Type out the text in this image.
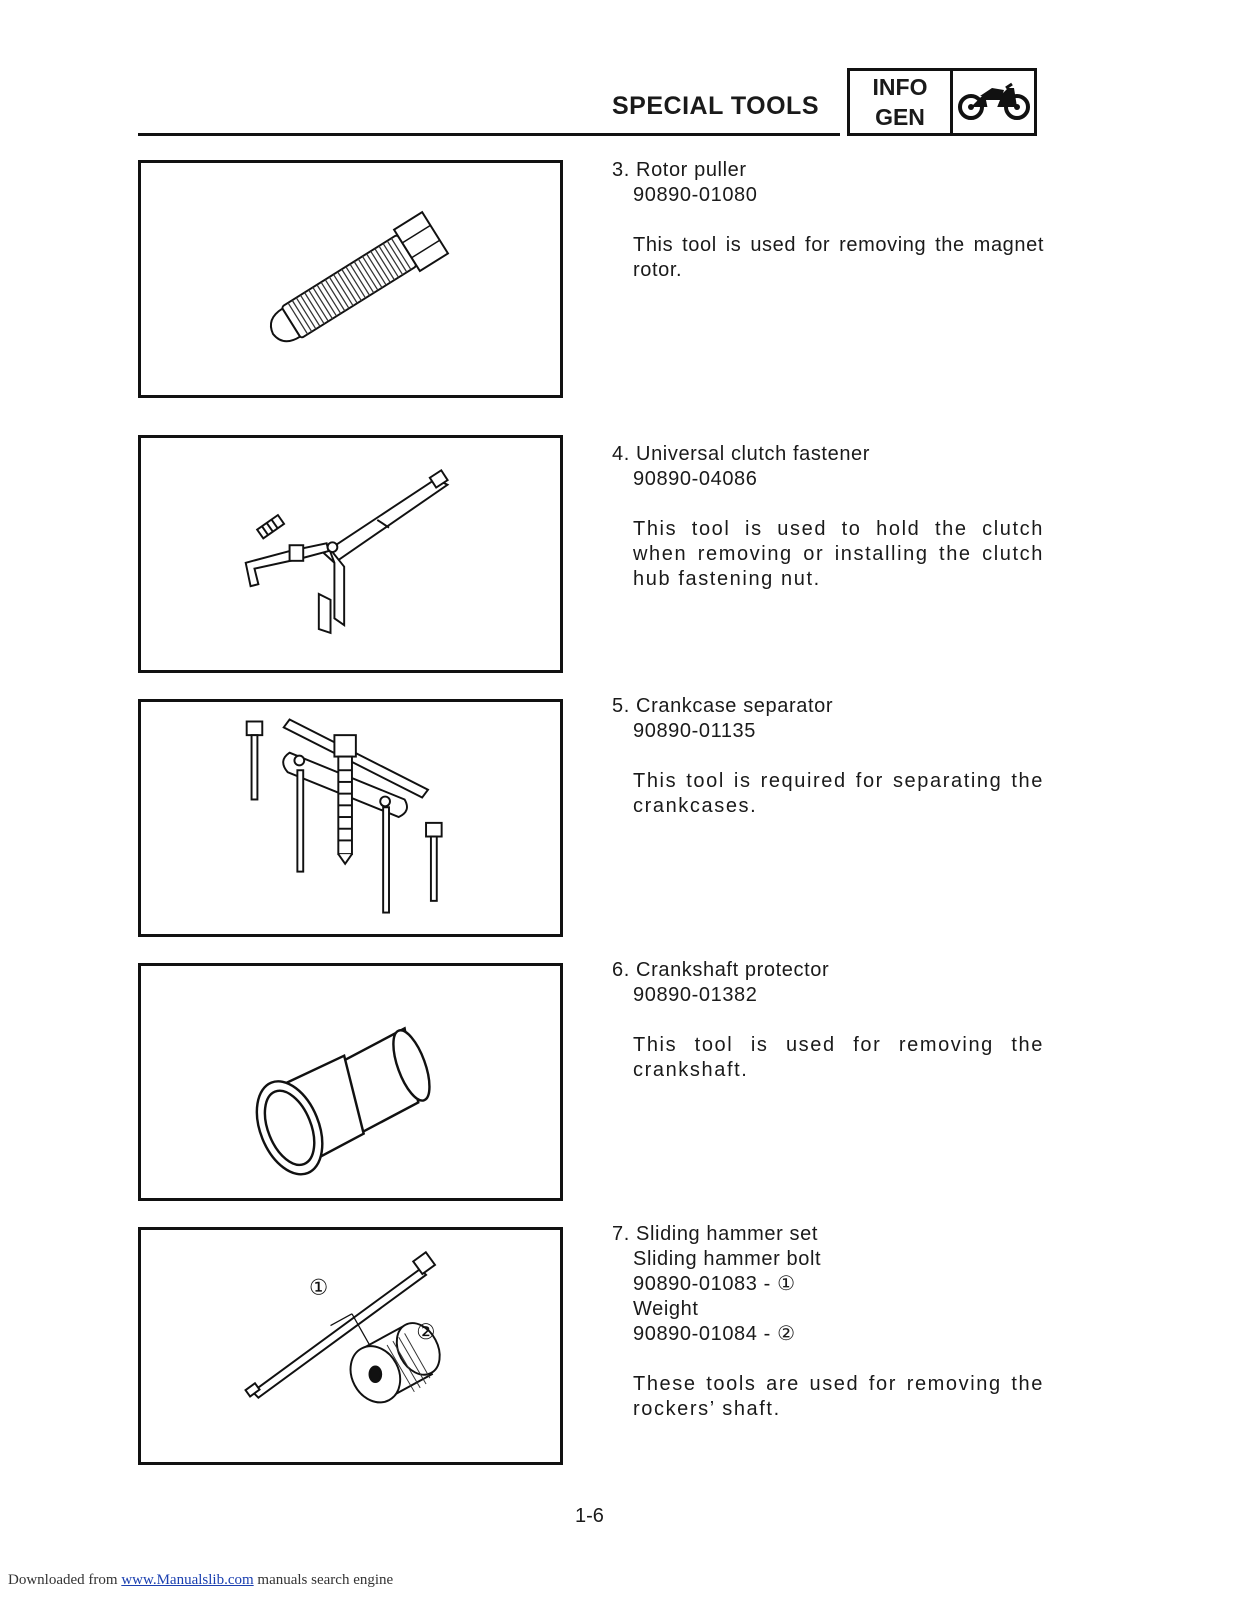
SPECIAL TOOLS
INFO
GEN
3. Rotor puller
90890-01080
This tool is used for removing the magnet rotor.
4. Universal clutch fastener
90890-04086
This tool is used to hold the clutch when removing or installing the clutch hub fastening nut.
5. Crankcase separator
90890-01135
This tool is required for separating the crankcases.
6. Crankshaft protector
90890-01382
This tool is used for removing the crankshaft.
①
②
7. Sliding hammer set
Sliding hammer bolt
90890-01083 - ①
Weight
90890-01084 - ②
These tools are used for removing the rockers’ shaft.
1-6
Downloaded from www.Manualslib.com manuals search engine
